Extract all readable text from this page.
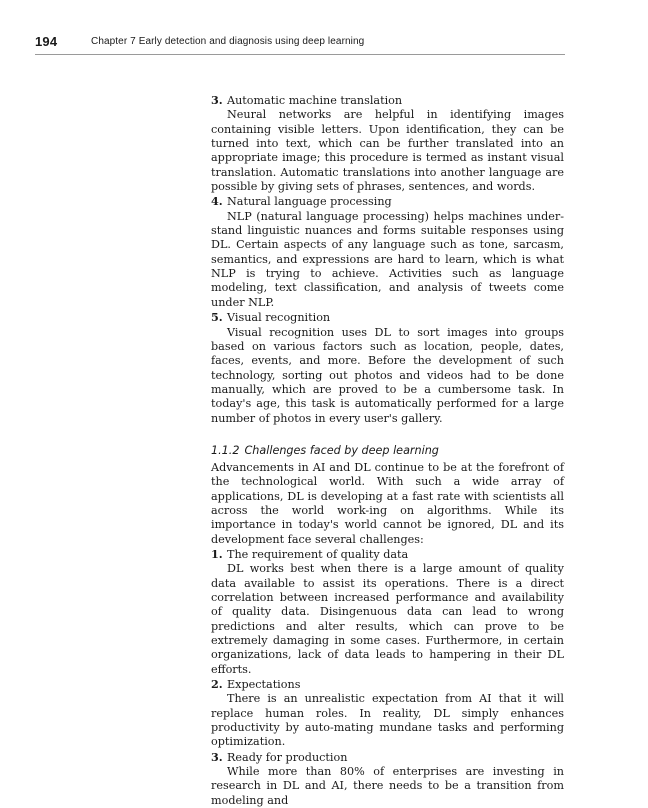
194	Chapter 7 Early detection and diagnosis using deep learning
3. Automatic machine translation

Neural networks are helpful in identifying images containing visible letters. Upon identification, they can be turned into text, which can be further translated into an appropriate image; this procedure is termed as instant visual translation. Automatic translations into another language are possible by giving sets of phrases, sentences, and words.

4. Natural language processing

NLP (natural language processing) helps machines under-stand linguistic nuances and forms suitable responses using DL. Certain aspects of any language such as tone, sarcasm, semantics, and expressions are hard to learn, which is what NLP is trying to achieve. Activities such as language modeling, text classification, and analysis of tweets come under NLP.

5. Visual recognition

Visual recognition uses DL to sort images into groups based on various factors such as location, people, dates, faces, events, and more. Before the development of such technology, sorting out photos and videos had to be done manually, which are proved to be a cumbersome task. In today's age, this task is automatically performed for a large number of photos in every user's gallery.

1.1.2 Challenges faced by deep learning

Advancements in AI and DL continue to be at the forefront of the technological world. With such a wide array of applications, DL is developing at a fast rate with scientists all across the world work-ing on algorithms. While its importance in today's world cannot be ignored, DL and its development face several challenges:

1. The requirement of quality data

DL works best when there is a large amount of quality data available to assist its operations. There is a direct correlation between increased performance and availability of quality data. Disingenuous data can lead to wrong predictions and alter results, which can prove to be extremely damaging in some cases. Furthermore, in certain organizations, lack of data leads to hampering in their DL efforts.

2. Expectations

There is an unrealistic expectation from AI that it will replace human roles. In reality, DL simply enhances productivity by auto-mating mundane tasks and performing optimization.

3. Ready for production

While more than 80% of enterprises are investing in research in DL and AI, there needs to be a transition from modeling and
